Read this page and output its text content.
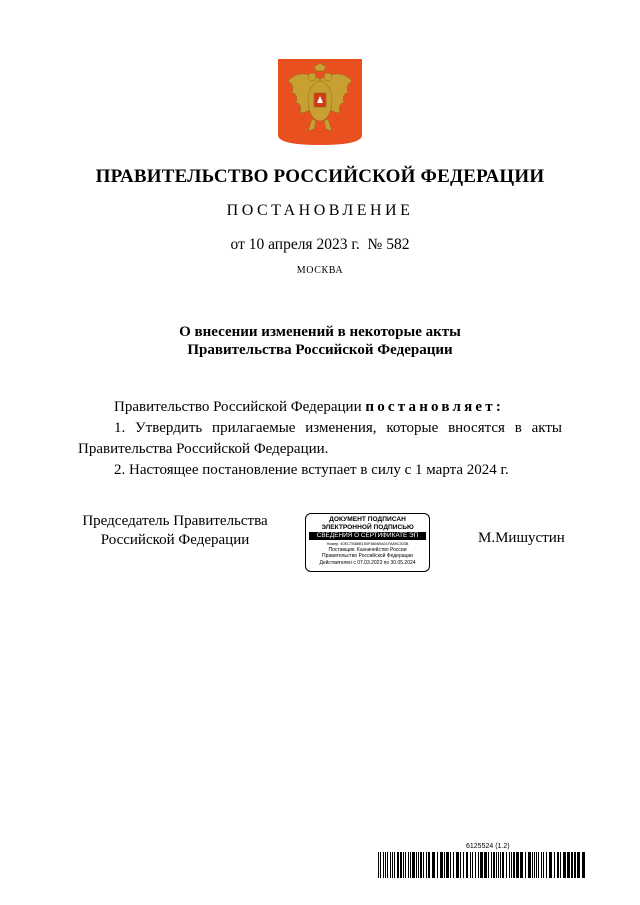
ПРАВИТЕЛЬСТВО РОССИЙСКОЙ ФЕДЕРАЦИИ
ПОСТАНОВЛЕНИЕ
от 10 апреля 2023 г.  № 582
МОСКВА
О внесении изменений в некоторые акты
Правительства Российской Федерации
Правительство Российской Федерации постановляет:
1. Утвердить прилагаемые изменения, которые вносятся в акты Правительства Российской Федерации.
2. Настоящее постановление вступает в силу с 1 марта 2024 г.
Председатель Правительства
Российской Федерации
ДОКУМЕНТ ПОДПИСАН
ЭЛЕКТРОННОЙ ПОДПИСЬЮ
СВЕДЕНИЯ О СЕРТИФИКАТЕ ЭП
Номер: 40ECTB88B1S0F88089A01FA89C303B
Поставщик: Казначейство России
Правительство Российской Федерации
Действителен с 07.03.2023 по 30.05.2024
М.Мишустин
6125524 (1.2)
